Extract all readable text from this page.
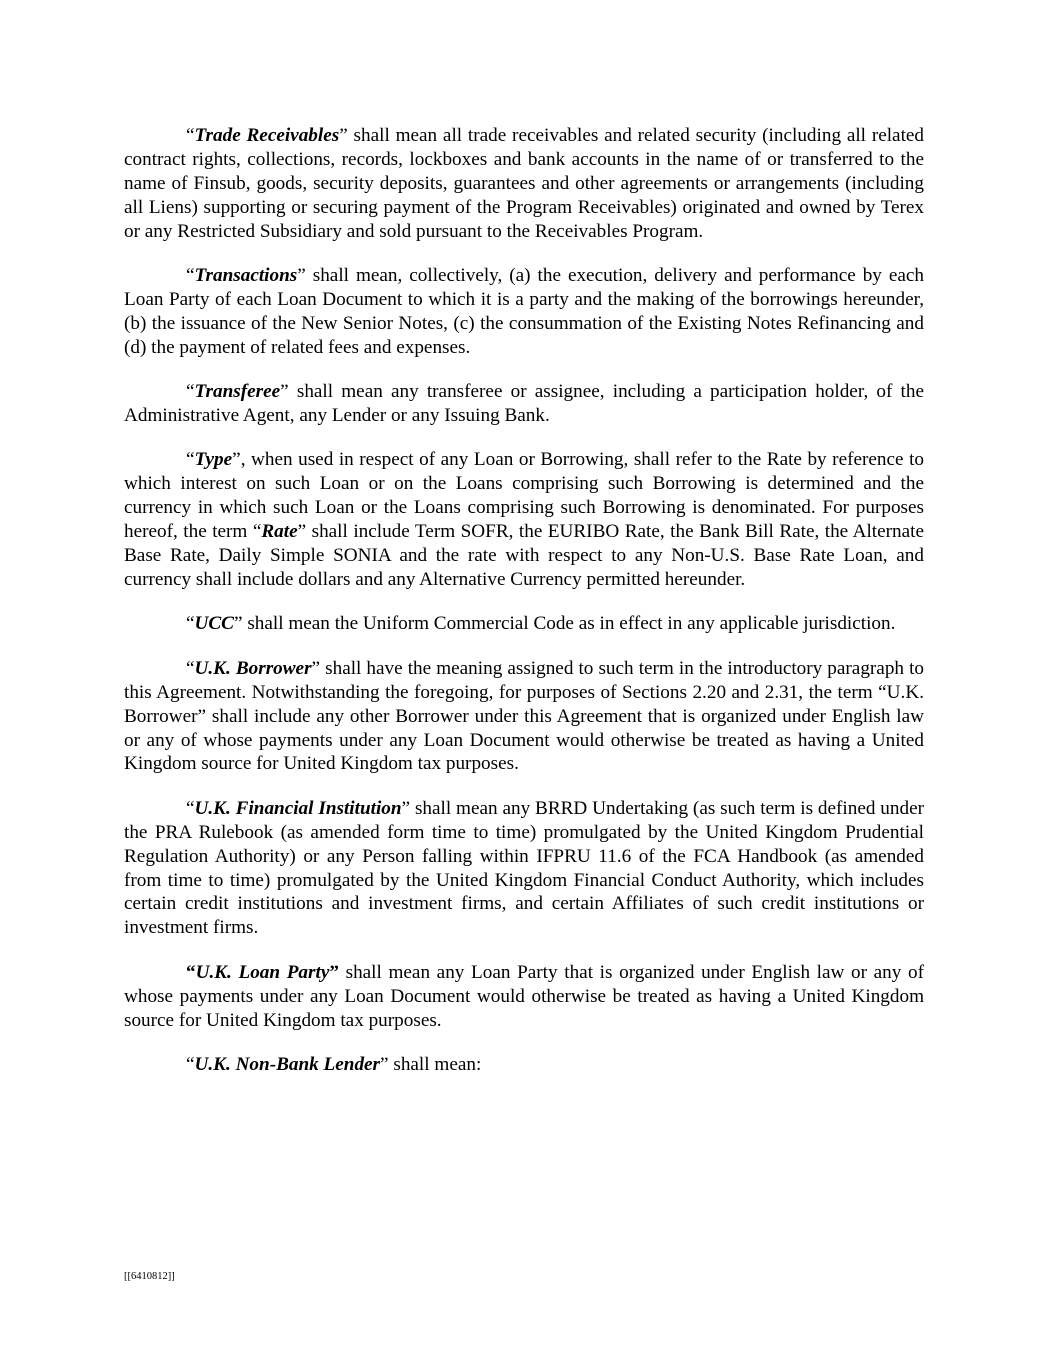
“Trade Receivables” shall mean all trade receivables and related security (including all related contract rights, collections, records, lockboxes and bank accounts in the name of or transferred to the name of Finsub, goods, security deposits, guarantees and other agreements or arrangements (including all Liens) supporting or securing payment of the Program Receivables) originated and owned by Terex or any Restricted Subsidiary and sold pursuant to the Receivables Program.

“Transactions” shall mean, collectively, (a) the execution, delivery and performance by each Loan Party of each Loan Document to which it is a party and the making of the borrowings hereunder, (b) the issuance of the New Senior Notes, (c) the consummation of the Existing Notes Refinancing and (d) the payment of related fees and expenses.

“Transferee” shall mean any transferee or assignee, including a participation holder, of the Administrative Agent, any Lender or any Issuing Bank.

“Type”, when used in respect of any Loan or Borrowing, shall refer to the Rate by reference to which interest on such Loan or on the Loans comprising such Borrowing is determined and the currency in which such Loan or the Loans comprising such Borrowing is denominated. For purposes hereof, the term “Rate” shall include Term SOFR, the EURIBO Rate, the Bank Bill Rate, the Alternate Base Rate, Daily Simple SONIA and the rate with respect to any Non-U.S. Base Rate Loan, and currency shall include dollars and any Alternative Currency permitted hereunder.

“UCC” shall mean the Uniform Commercial Code as in effect in any applicable jurisdiction.

“U.K. Borrower” shall have the meaning assigned to such term in the introductory paragraph to this Agreement. Notwithstanding the foregoing, for purposes of Sections 2.20 and 2.31, the term “U.K. Borrower” shall include any other Borrower under this Agreement that is organized under English law or any of whose payments under any Loan Document would otherwise be treated as having a United Kingdom source for United Kingdom tax purposes.

“U.K. Financial Institution” shall mean any BRRD Undertaking (as such term is defined under the PRA Rulebook (as amended form time to time) promulgated by the United Kingdom Prudential Regulation Authority) or any Person falling within IFPRU 11.6 of the FCA Handbook (as amended from time to time) promulgated by the United Kingdom Financial Conduct Authority, which includes certain credit institutions and investment firms, and certain Affiliates of such credit institutions or investment firms.

“U.K. Loan Party” shall mean any Loan Party that is organized under English law or any of whose payments under any Loan Document would otherwise be treated as having a United Kingdom source for United Kingdom tax purposes.

“U.K. Non-Bank Lender” shall mean:

[[6410812]]
